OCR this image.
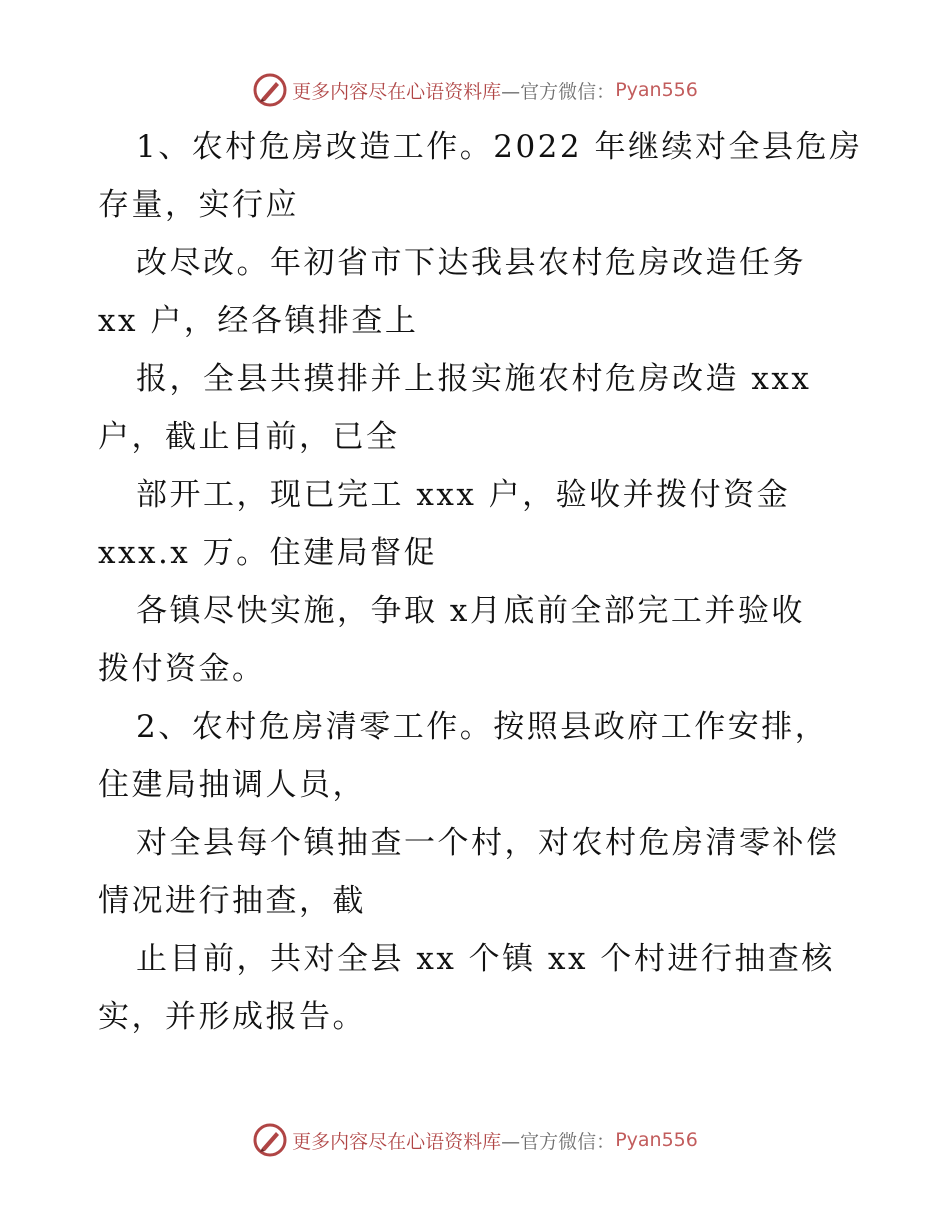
更多内容尽在心语资料库 —官方微信： Pyan556
1、农村危房改造工作。2022 年继续对全县危房
存量，实行应
改尽改。年初省市下达我县农村危房改造任务
xx 户，经各镇排查上
报，全县共摸排并上报实施农村危房改造 xxx
户，截止目前，已全
部开工，现已完工 xxx 户，验收并拨付资金
xxx.x 万。住建局督促
各镇尽快实施，争取 x月底前全部完工并验收
拨付资金。
2、农村危房清零工作。按照县政府工作安排，
住建局抽调人员，
对全县每个镇抽查一个村，对农村危房清零补偿
情况进行抽查，截
止目前，共对全县 xx 个镇 xx 个村进行抽查核
实，并形成报告。
更多内容尽在心语资料库 —官方微信： Pyan556
